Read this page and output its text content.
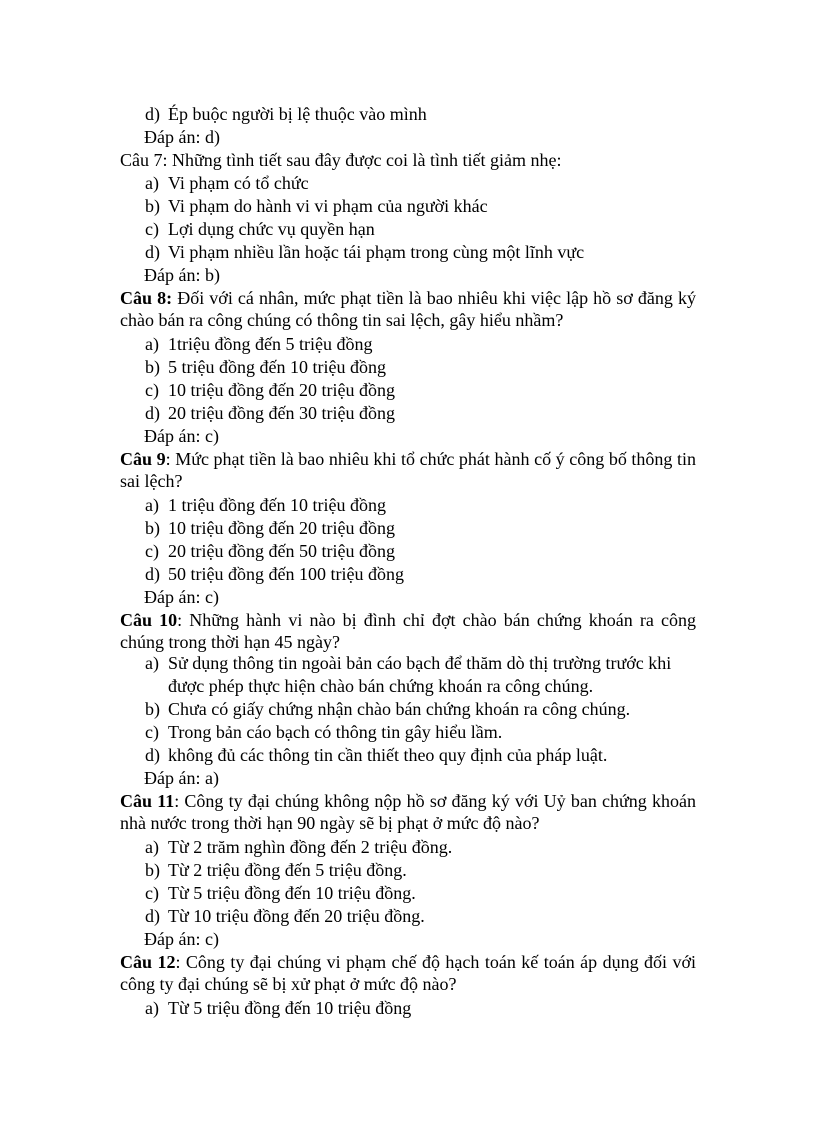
d) Ép buộc người bị lệ thuộc vào mình
Đáp án: d)
Câu 7: Những tình tiết sau đây được coi là tình tiết giảm nhẹ:
a) Vi phạm có tổ chức
b) Vi phạm do hành vi vi phạm của người khác
c) Lợi dụng chức vụ quyền hạn
d) Vi phạm nhiều lần hoặc tái phạm trong cùng một lĩnh vực
Đáp án: b)
Câu 8: Đối với cá nhân, mức phạt tiền là bao nhiêu khi việc lập hồ sơ đăng ký chào bán ra công chúng có thông tin sai lệch, gây hiểu nhầm?
a) 1triệu đồng đến 5 triệu đồng
b) 5 triệu đồng đến 10 triệu đồng
c) 10 triệu đồng đến 20 triệu đồng
d) 20 triệu đồng đến 30 triệu đồng
Đáp án: c)
Câu 9: Mức phạt tiền là bao nhiêu khi tổ chức phát hành cố ý công bố thông tin sai lệch?
a) 1 triệu đồng đến 10 triệu đồng
b) 10 triệu đồng đến 20 triệu đồng
c) 20 triệu đồng đến 50 triệu đồng
d) 50 triệu đồng đến 100 triệu đồng
Đáp án: c)
Câu 10: Những hành vi nào bị đình chỉ đợt chào bán chứng khoán ra công chúng trong thời hạn 45 ngày?
a) Sử dụng thông tin ngoài bản cáo bạch để thăm dò thị trường trước khi được phép thực hiện chào bán chứng khoán ra công chúng.
b) Chưa có giấy chứng nhận chào bán chứng khoán ra công chúng.
c) Trong bản cáo bạch có thông tin gây hiểu lầm.
d) không đủ các thông tin cần thiết theo quy định của pháp luật.
Đáp án: a)
Câu 11: Công ty đại chúng không nộp hồ sơ đăng ký với Uỷ ban chứng khoán nhà nước trong thời hạn 90 ngày sẽ bị phạt ở mức độ nào?
a) Từ 2 trăm nghìn đồng đến 2 triệu đồng.
b) Từ 2 triệu đồng đến 5 triệu đồng.
c) Từ 5 triệu đồng đến 10 triệu đồng.
d) Từ 10 triệu đồng đến 20 triệu đồng.
Đáp án: c)
Câu 12: Công ty đại chúng vi phạm chế độ hạch toán kế toán áp dụng đối với công ty đại chúng sẽ bị xử phạt ở mức độ nào?
a) Từ 5 triệu đồng đến 10 triệu đồng
